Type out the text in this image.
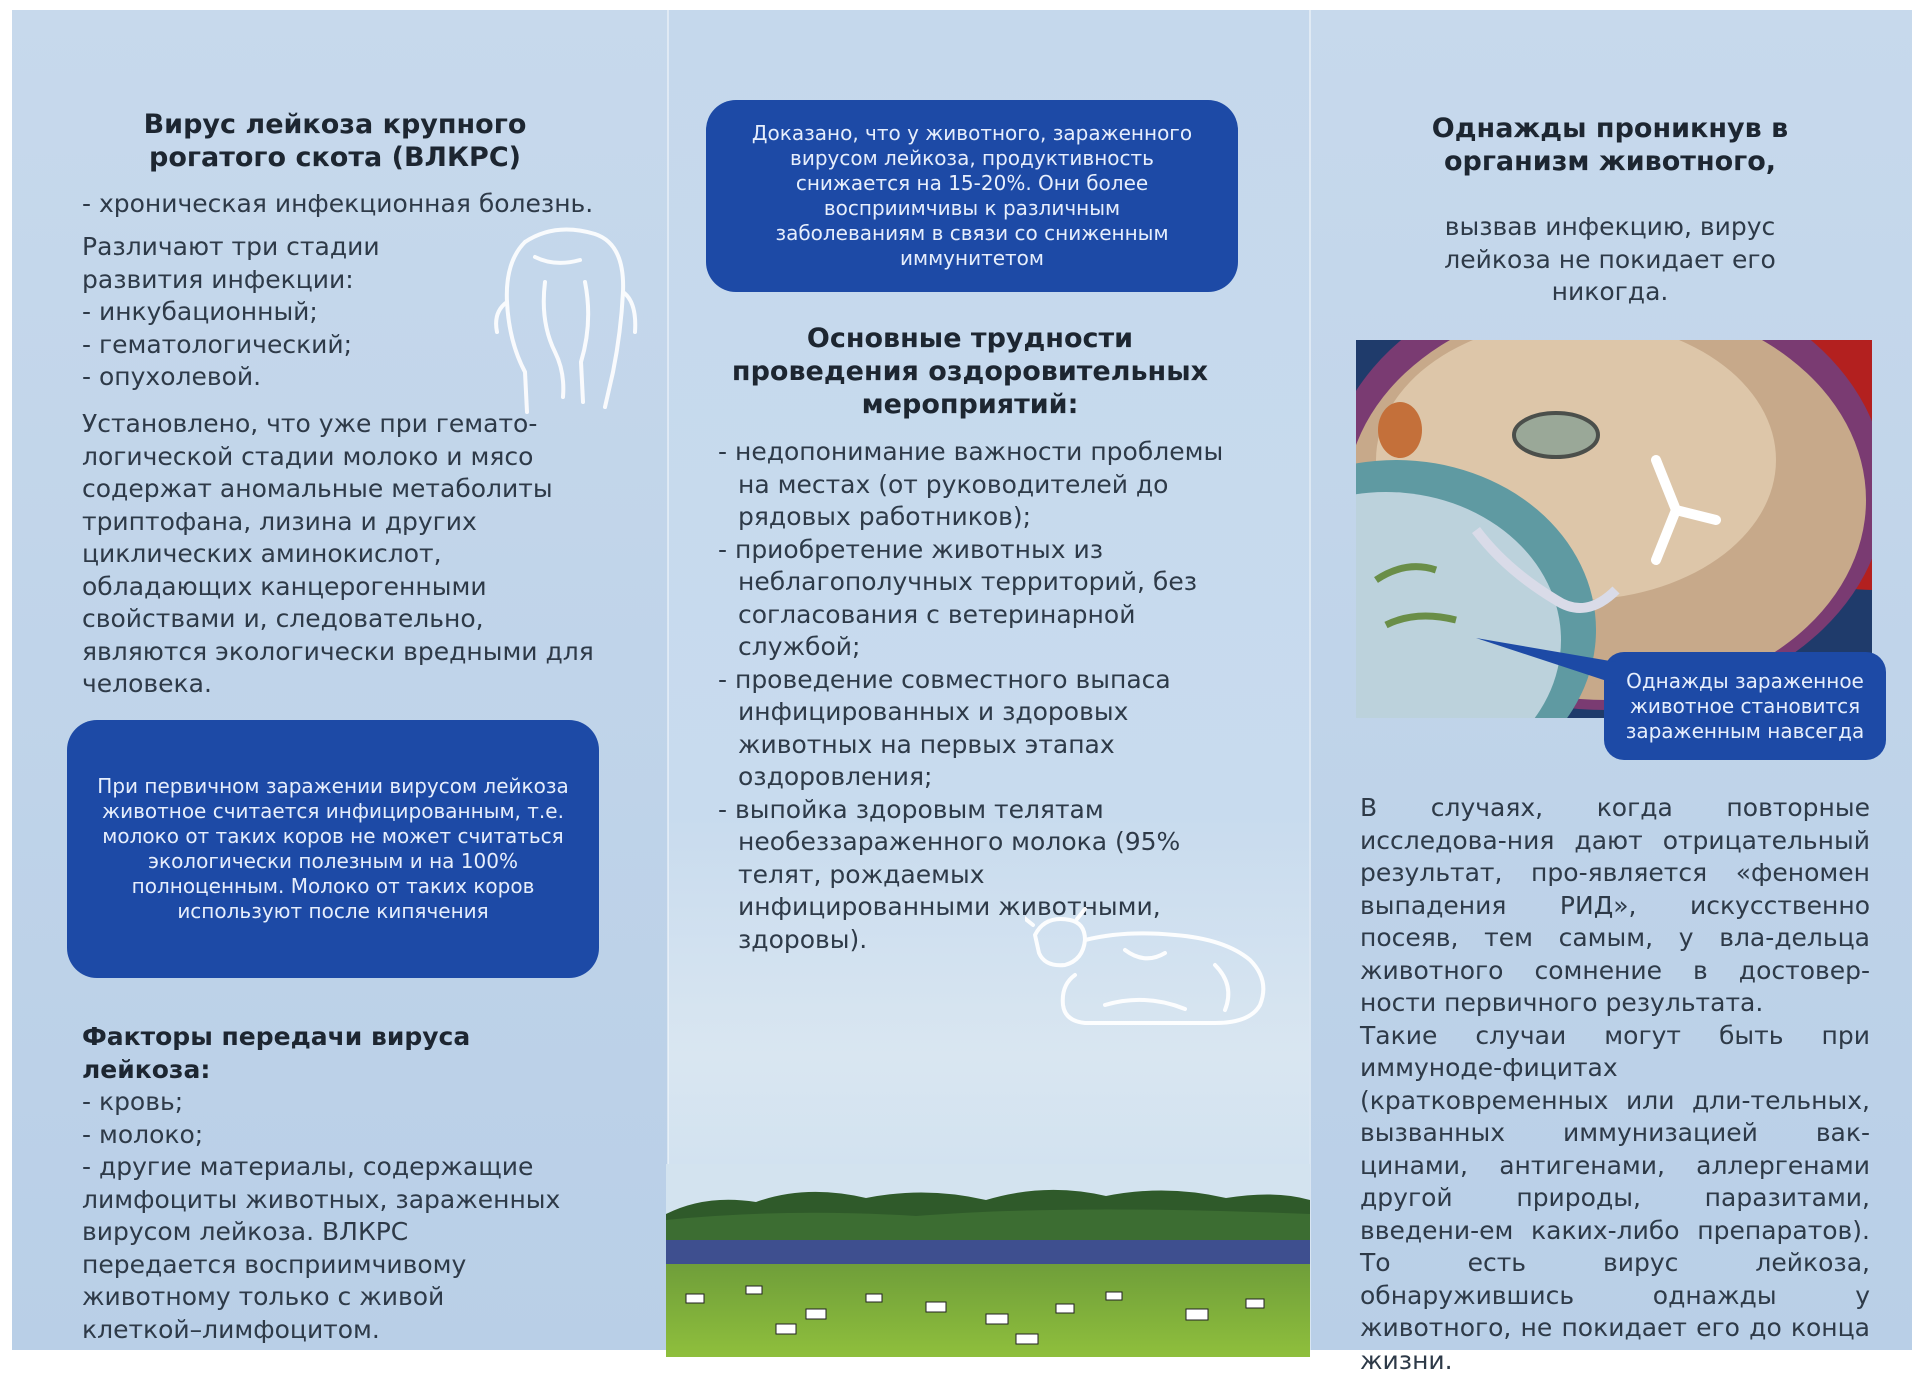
Вирус лейкоза крупного рогатого скота (ВЛКРС)
- хроническая инфекционная болезнь.
Различают три стадии развития инфекции:
- инкубационный;
- гематологический;
- опухолевой.
Установлено, что уже при гемато-логической стадии молоко и мясо содержат аномальные метаболиты триптофана, лизина и других циклических аминокислот, обладающих канцерогенными свойствами и, следовательно, являются экологически вредными для человека.
При первичном заражении вирусом лейкоза животное считается инфицированным, т.е. молоко от таких коров не может считаться экологически полезным и на 100% полноценным. Молоко от таких коров используют после кипячения
Факторы передачи вируса лейкоза:
- кровь;
- молоко;
- другие материалы, содержащие лимфоциты животных, зараженных вирусом лейкоза. ВЛКРС передается восприимчивому животному только с живой клеткой–лимфоцитом.
Доказано, что у животного, зараженного вирусом лейкоза, продуктивность снижается на 15-20%. Они более восприимчивы к различным заболеваниям в связи со сниженным иммунитетом
Основные трудности проведения оздоровительных мероприятий:
- недопонимание важности проблемы на местах (от руководителей до рядовых работников);
- приобретение животных из неблагополучных территорий, без согласования с ветеринарной службой;
- проведение совместного выпаса инфицированных и здоровых животных на первых этапах оздоровления;
- выпойка здоровым телятам необеззараженного молока (95% телят, рождаемых инфицированными животными, здоровы).
Однажды проникнув в организм животного,
вызвав инфекцию, вирус лейкоза не покидает его никогда.
Однажды зараженное животное становится зараженным навсегда

В случаях, когда повторные исследова-ния дают отрицательный результат, про-является «феномен выпадения РИД», искусственно посеяв, тем самым, у вла-дельца животного сомнение в достовер-ности первичного результата.

Такие случаи могут быть при иммуноде-фицитах (кратковременных или дли-тельных, вызванных иммунизацией вак-цинами, антигенами, аллергенами другой природы, паразитами, введени-ем каких-либо препаратов). То есть вирус лейкоза, обнаружившись однажды у животного, не покидает его до конца жизни.
